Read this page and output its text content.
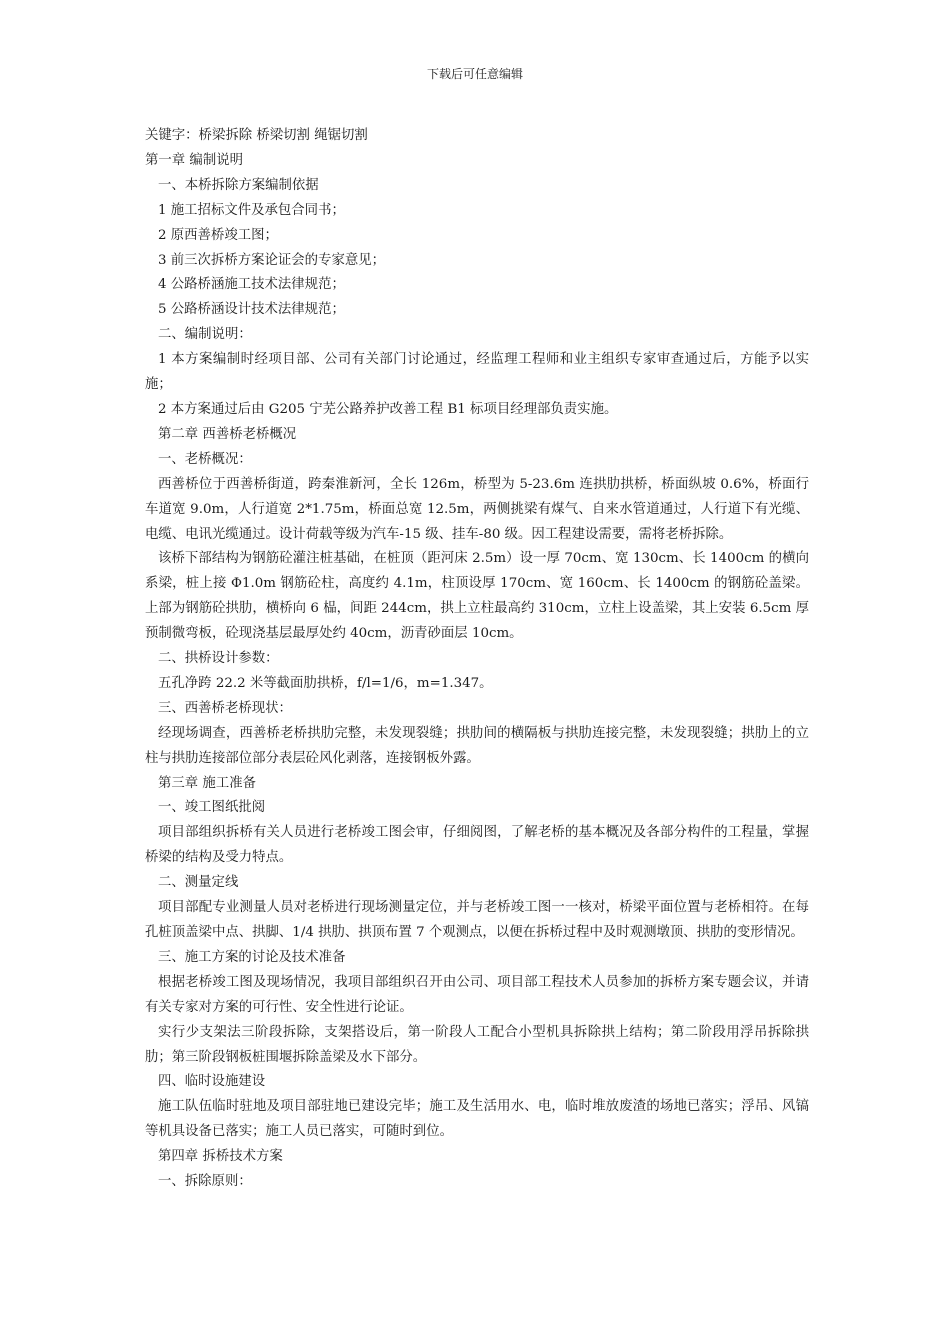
下载后可任意编辑

关键字：桥梁拆除 桥梁切割 绳锯切割

第一章 编制说明

一、本桥拆除方案编制依据

1 施工招标文件及承包合同书；

2 原西善桥竣工图；

3 前三次拆桥方案论证会的专家意见；

4 公路桥涵施工技术法律规范；

5 公路桥涵设计技术法律规范；

二、编制说明：

1 本方案编制时经项目部、公司有关部门讨论通过，经监理工程师和业主组织专家审查通过后，方能予以实施；

2 本方案通过后由 G205 宁芜公路养护改善工程 B1 标项目经理部负责实施。

第二章 西善桥老桥概况

一、老桥概况：

西善桥位于西善桥街道，跨秦淮新河，全长 126m，桥型为 5-23.6m 连拱肋拱桥，桥面纵坡 0.6%，桥面行车道宽 9.0m，人行道宽 2*1.75m，桥面总宽 12.5m，两侧挑梁有煤气、自来水管道通过，人行道下有光缆、电缆、电讯光缆通过。设计荷载等级为汽车-15 级、挂车-80 级。因工程建设需要，需将老桥拆除。

该桥下部结构为钢筋砼灌注桩基础，在桩顶（距河床 2.5m）设一厚 70cm、宽 130cm、长 1400cm 的横向系梁，桩上接 Φ1.0m 钢筋砼柱，高度约 4.1m，柱顶设厚 170cm、宽 160cm、长 1400cm 的钢筋砼盖梁。上部为钢筋砼拱肋，横桥向 6 榀，间距 244cm，拱上立柱最高约 310cm，立柱上设盖梁，其上安装 6.5cm 厚预制微弯板，砼现浇基层最厚处约 40cm，沥青砂面层 10cm。

二、拱桥设计参数：

五孔净跨 22.2 米等截面肋拱桥，f/l=1/6，m=1.347。

三、西善桥老桥现状：

经现场调查，西善桥老桥拱肋完整，未发现裂缝；拱肋间的横隔板与拱肋连接完整，未发现裂缝；拱肋上的立柱与拱肋连接部位部分表层砼风化剥落，连接钢板外露。

第三章 施工准备

一、竣工图纸批阅

项目部组织拆桥有关人员进行老桥竣工图会审，仔细阅图，了解老桥的基本概况及各部分构件的工程量，掌握桥梁的结构及受力特点。

二、测量定线

项目部配专业测量人员对老桥进行现场测量定位，并与老桥竣工图一一核对，桥梁平面位置与老桥相符。在每孔桩顶盖梁中点、拱脚、1/4 拱肋、拱顶布置 7 个观测点，以便在拆桥过程中及时观测墩顶、拱肋的变形情况。

三、施工方案的讨论及技术准备

根据老桥竣工图及现场情况，我项目部组织召开由公司、项目部工程技术人员参加的拆桥方案专题会议，并请有关专家对方案的可行性、安全性进行论证。

实行少支架法三阶段拆除，支架搭设后，第一阶段人工配合小型机具拆除拱上结构；第二阶段用浮吊拆除拱肋；第三阶段钢板桩围堰拆除盖梁及水下部分。

四、临时设施建设

施工队伍临时驻地及项目部驻地已建设完毕；施工及生活用水、电，临时堆放废渣的场地已落实；浮吊、风镐等机具设备已落实；施工人员已落实，可随时到位。

第四章 拆桥技术方案

一、拆除原则：
